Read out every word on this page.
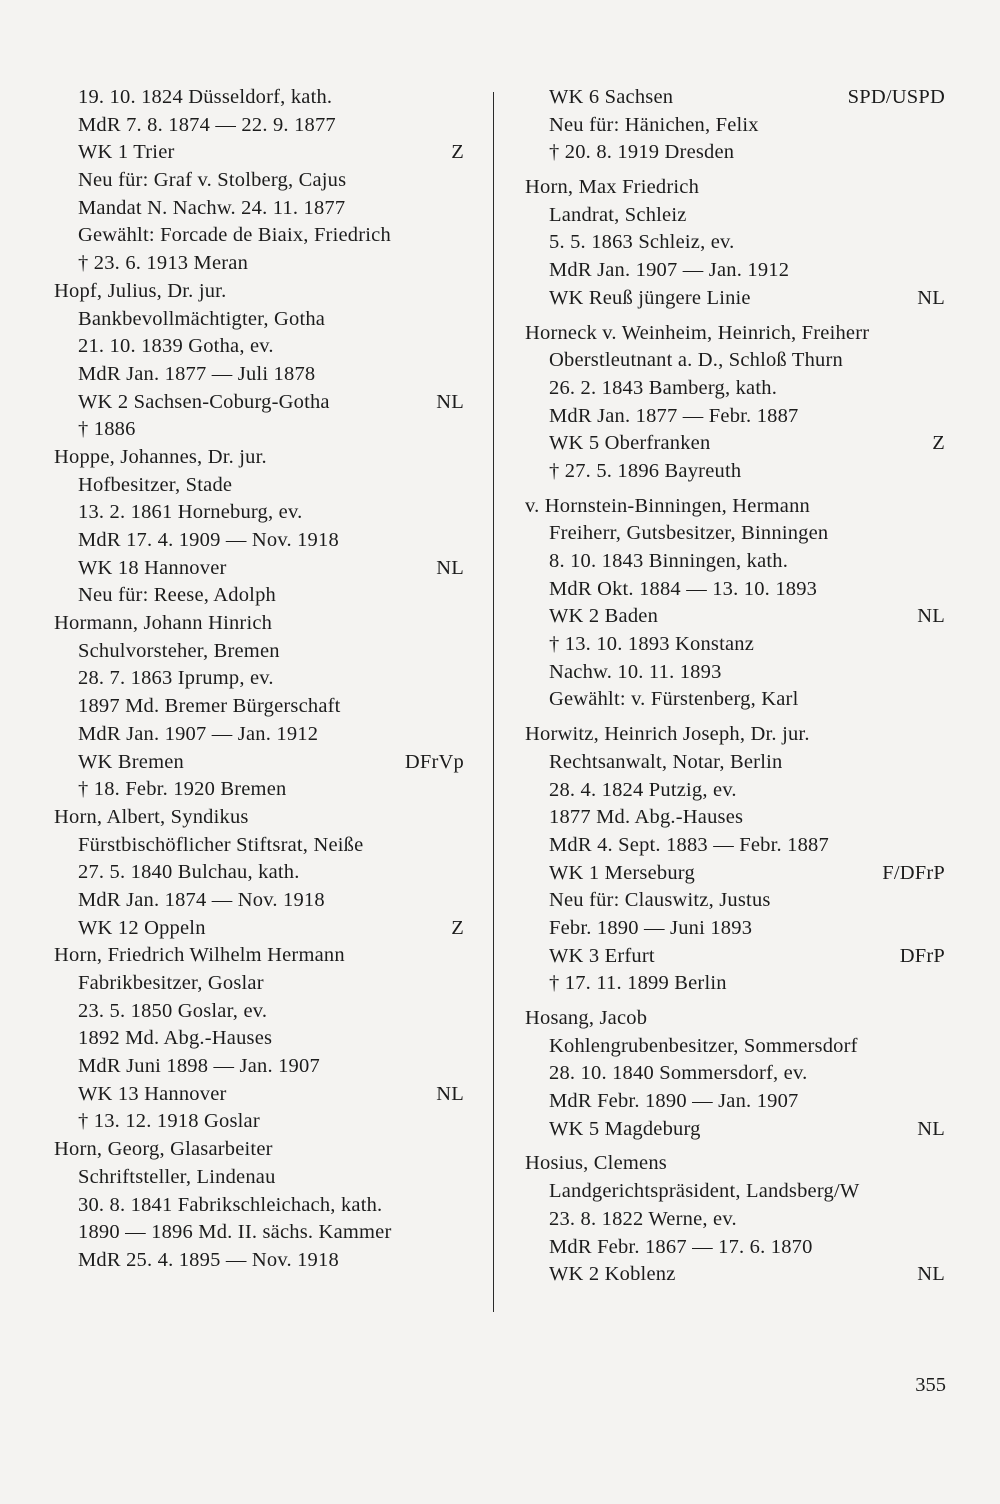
19. 10. 1824 Düsseldorf, kath.
MdR 7. 8. 1874 — 22. 9. 1877
WK 1 Trier	Z
Neu für: Graf v. Stolberg, Cajus
Mandat N. Nachw. 24. 11. 1877
Gewählt: Forcade de Biaix, Friedrich
† 23. 6. 1913 Meran
Hopf, Julius, Dr. jur.
Bankbevollmächtigter, Gotha
21. 10. 1839 Gotha, ev.
MdR Jan. 1877 — Juli 1878
WK 2 Sachsen-Coburg-Gotha	NL
† 1886
Hoppe, Johannes, Dr. jur.
Hofbesitzer, Stade
13. 2. 1861 Horneburg, ev.
MdR 17. 4. 1909 — Nov. 1918
WK 18 Hannover	NL
Neu für: Reese, Adolph
Hormann, Johann Hinrich
Schulvorsteher, Bremen
28. 7. 1863 Iprump, ev.
1897 Md. Bremer Bürgerschaft
MdR Jan. 1907 — Jan. 1912
WK Bremen	DFrVp
† 18. Febr. 1920 Bremen
Horn, Albert, Syndikus
Fürstbischöflicher Stiftsrat, Neiße
27. 5. 1840 Bulchau, kath.
MdR Jan. 1874 — Nov. 1918
WK 12 Oppeln	Z
Horn, Friedrich Wilhelm Hermann
Fabrikbesitzer, Goslar
23. 5. 1850 Goslar, ev.
1892 Md. Abg.-Hauses
MdR Juni 1898 — Jan. 1907
WK 13 Hannover	NL
† 13. 12. 1918 Goslar
Horn, Georg, Glasarbeiter
Schriftsteller, Lindenau
30. 8. 1841 Fabrikschleichach, kath.
1890 — 1896 Md. II. sächs. Kammer
MdR 25. 4. 1895 — Nov. 1918
WK 6 Sachsen	SPD/USPD
Neu für: Hänichen, Felix
† 20. 8. 1919 Dresden
Horn, Max Friedrich
Landrat, Schleiz
5. 5. 1863 Schleiz, ev.
MdR Jan. 1907 — Jan. 1912
WK Reuß jüngere Linie	NL
Horneck v. Weinheim, Heinrich, Freiherr
Oberstleutnant a. D., Schloß Thurn
26. 2. 1843 Bamberg, kath.
MdR Jan. 1877 — Febr. 1887
WK 5 Oberfranken	Z
† 27. 5. 1896 Bayreuth
v. Hornstein-Binningen, Hermann
Freiherr, Gutsbesitzer, Binningen
8. 10. 1843 Binningen, kath.
MdR Okt. 1884 — 13. 10. 1893
WK 2 Baden	NL
† 13. 10. 1893 Konstanz
Nachw. 10. 11. 1893
Gewählt: v. Fürstenberg, Karl
Horwitz, Heinrich Joseph, Dr. jur.
Rechtsanwalt, Notar, Berlin
28. 4. 1824 Putzig, ev.
1877 Md. Abg.-Hauses
MdR 4. Sept. 1883 — Febr. 1887
WK 1 Merseburg	F/DFrP
Neu für: Clauswitz, Justus
Febr. 1890 — Juni 1893
WK 3 Erfurt	DFrP
† 17. 11. 1899 Berlin
Hosang, Jacob
Kohlengrubenbesitzer, Sommersdorf
28. 10. 1840 Sommersdorf, ev.
MdR Febr. 1890 — Jan. 1907
WK 5 Magdeburg	NL
Hosius, Clemens
Landgerichtspräsident, Landsberg/W
23. 8. 1822 Werne, ev.
MdR Febr. 1867 — 17. 6. 1870
WK 2 Koblenz	NL
355
